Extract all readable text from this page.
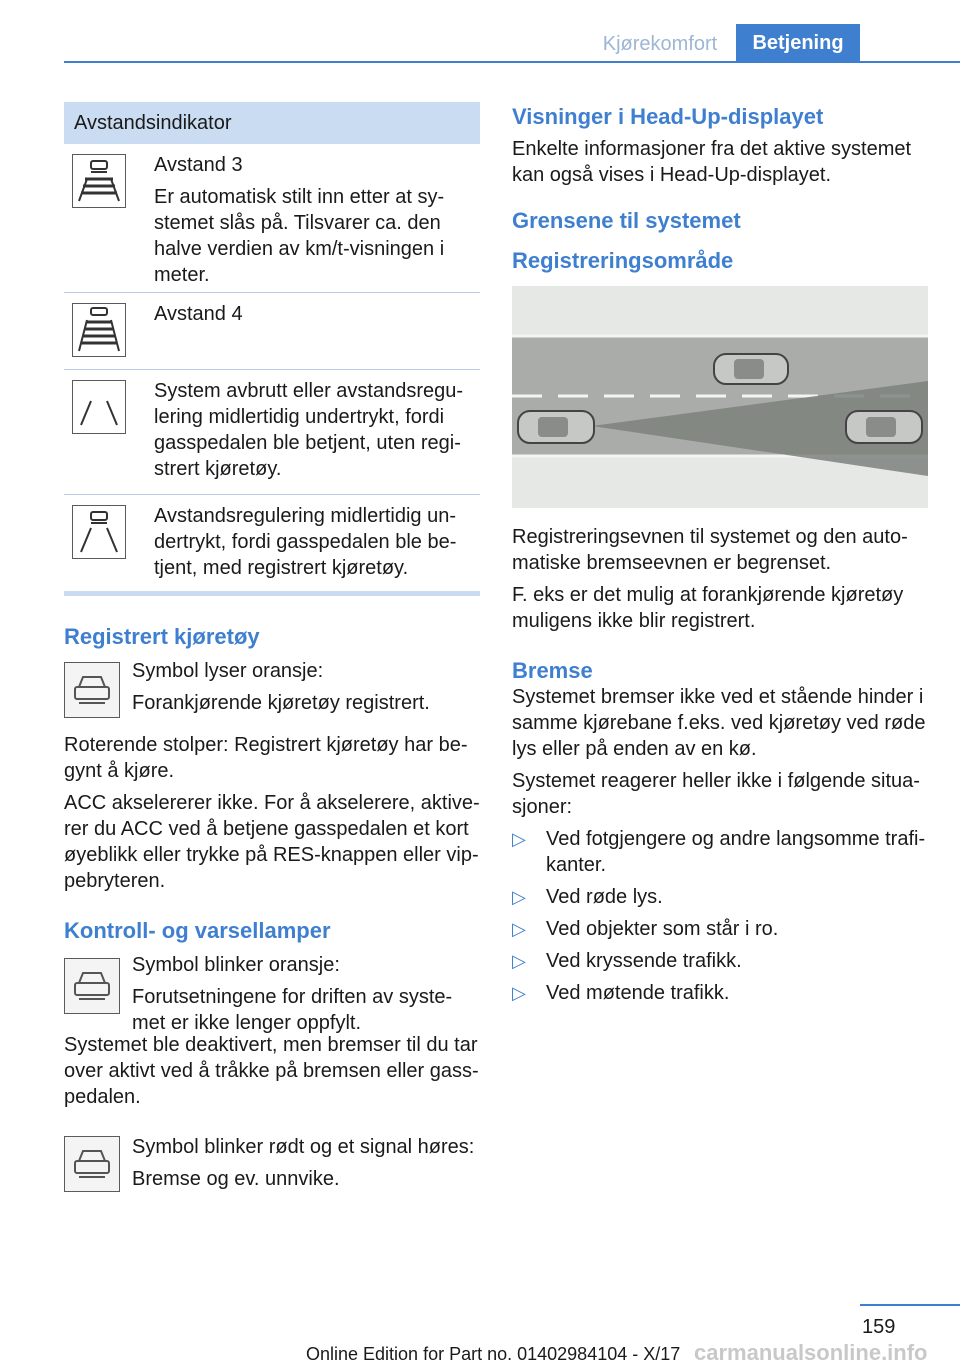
Kjørekomfort	Betjening
Avstandsindikator

Avstand 3

Er automatisk stilt inn etter at sy-stemet slås på. Tilsvarer ca. den halve verdien av km/t-visningen i meter.

Avstand 4

System avbrutt eller avstandsregu-lering midlertidig undertrykt, fordi gasspedalen ble betjent, uten regi-strert kjøretøy.

Avstandsregulering midlertidig un-dertrykt, fordi gasspedalen ble be-tjent, med registrert kjøretøy.

Registrert kjøretøy

Symbol lyser oransje:

Forankjørende kjøretøy registrert.

Roterende stolper: Registrert kjøretøy har be-gynt å kjøre.

ACC akselererer ikke. For å akselerere, aktive-rer du ACC ved å betjene gasspedalen et kort øyeblikk eller trykke på RES-knappen eller vip-pebryteren.

Kontroll- og varsellamper

Symbol blinker oransje:

Forutsetningene for driften av syste-met er ikke lenger oppfylt.

Systemet ble deaktivert, men bremser til du tar over aktivt ved å tråkke på bremsen eller gass-pedalen.

Symbol blinker rødt og et signal høres:

Bremse og ev. unnvike.

Visninger i Head-Up-displayet

Enkelte informasjoner fra det aktive systemet kan også vises i Head-Up-displayet.

Grensene til systemet
Registreringsområde

Registreringsevnen til systemet og den auto-matiske bremseevnen er begrenset.

F. eks er det mulig at forankjørende kjøretøy muligens ikke blir registrert.

Bremse

Systemet bremser ikke ved et stående hinder i samme kjørebane f.eks. ved kjøretøy ved røde lys eller på enden av en kø.

Systemet reagerer heller ikke i følgende situa-sjoner:

▷ Ved fotgjengere og andre langsomme trafi-kanter.
▷ Ved røde lys.
▷ Ved objekter som står i ro.
▷ Ved kryssende trafikk.
▷ Ved møtende trafikk.
159
Online Edition for Part no. 01402984104 - X/17 carmanualsonline.info
